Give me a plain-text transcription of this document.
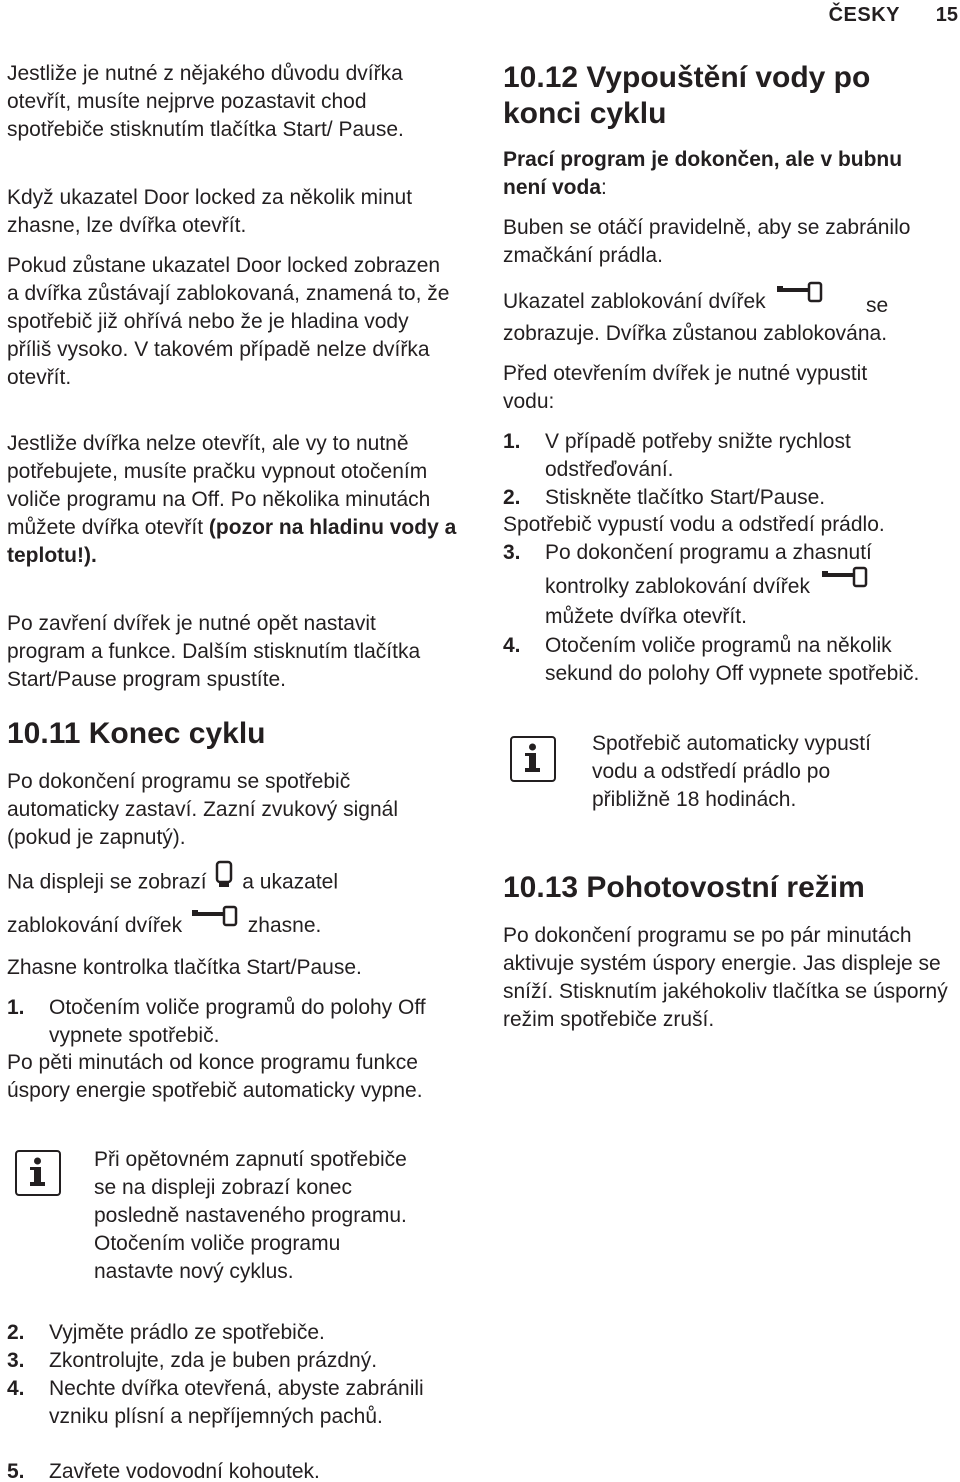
ČESKY 15

Jestliže je nutné z nějakého důvodu dvířka otevřít, musíte nejprve pozastavit chod spotřebiče stisknutím tlačítka Start/ Pause.

Když ukazatel Door locked za několik minut zhasne, lze dvířka otevřít.

Pokud zůstane ukazatel Door locked zobrazen a dvířka zůstávají zablokovaná, znamená to, že spotřebič již ohřívá nebo že je hladina vody příliš vysoko. V takovém případě nelze dvířka otevřít.

Jestliže dvířka nelze otevřít, ale vy to nutně potřebujete, musíte pračku vypnout otočením voliče programu na Off. Po několika minutách můžete dvířka otevřít (pozor na hladinu vody a teplotu!).

Po zavření dvířek je nutné opět nastavit program a funkce. Dalším stisknutím tlačítka Start/Pause program spustíte.

10.11 Konec cyklu

Po dokončení programu se spotřebič automaticky zastaví. Zazní zvukový signál (pokud je zapnutý).

Na displeji se zobrazí a ukazatel
zablokování dvířek	zhasne.

Zhasne kontrolka tlačítka Start/Pause.

1. Otočením voliče programů do polohy Off vypnete spotřebič.

Po pěti minutách od konce programu funkce úspory energie spotřebič automaticky vypne.

Při opětovném zapnutí spotřebiče se na displeji zobrazí konec posledně nastaveného programu. Otočením voliče programu nastavte nový cyklus.

2. Vyjměte prádlo ze spotřebiče.

3. Zkontrolujte, zda je buben prázdný.

4. Nechte dvířka otevřená, abyste zabránili vzniku plísní a nepříjemných pachů.

5. Zavřete vodovodní kohoutek.

10.12 Vypouštění vody po konci cyklu

Prací program je dokončen, ale v bubnu není voda:

Buben se otáčí pravidelně, aby se zabránilo zmačkání prádla.

Ukazatel zablokování dvířek	se zobrazuje. Dvířka zůstanou zablokována.

Před otevřením dvířek je nutné vypustit vodu:

1. V případě potřeby snižte rychlost odstřeďování.

2. Stiskněte tlačítko Start/Pause.

Spotřebič vypustí vodu a odstředí prádlo.

3. Po dokončení programu a zhasnutí

kontrolky zablokování dvířek

můžete dvířka otevřít.

4. Otočením voliče programů na několik sekund do polohy Off vypnete spotřebič.

Spotřebič automaticky vypustí vodu a odstředí prádlo po přibližně 18 hodinách.

10.13 Pohotovostní režim

Po dokončení programu se po pár minutách aktivuje systém úspory energie. Jas displeje se sníží. Stisknutím jakéhokoliv tlačítka se úsporný režim spotřebiče zruší.
